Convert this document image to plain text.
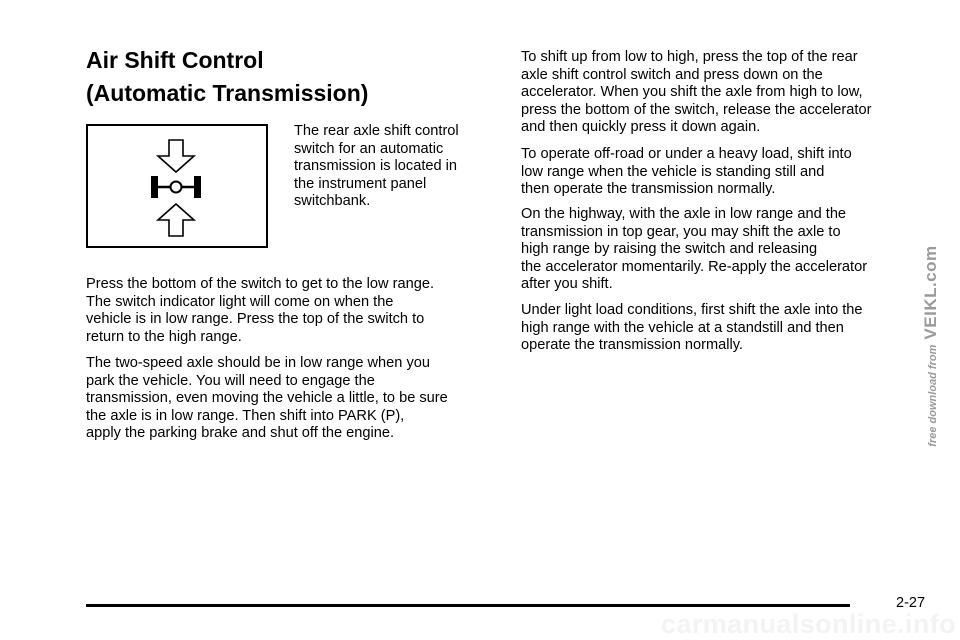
Air Shift Control
(Automatic Transmission)

The rear axle shift control
switch for an automatic
transmission is located in
the instrument panel
switchbank.

Press the bottom of the switch to get to the low range.
The switch indicator light will come on when the
vehicle is in low range. Press the top of the switch to
return to the high range.

The two-speed axle should be in low range when you
park the vehicle. You will need to engage the
transmission, even moving the vehicle a little, to be sure
the axle is in low range. Then shift into PARK (P),
apply the parking brake and shut off the engine.

To shift up from low to high, press the top of the rear
axle shift control switch and press down on the
accelerator. When you shift the axle from high to low,
press the bottom of the switch, release the accelerator
and then quickly press it down again.

To operate off-road or under a heavy load, shift into
low range when the vehicle is standing still and
then operate the transmission normally.

On the highway, with the axle in low range and the
transmission in top gear, you may shift the axle to
high range by raising the switch and releasing
the accelerator momentarily. Re-apply the accelerator
after you shift.

Under light load conditions, first shift the axle into the
high range with the vehicle at a standstill and then
operate the transmission normally.

2-27

free download from VEIKL.com

carmanualsonline.info
